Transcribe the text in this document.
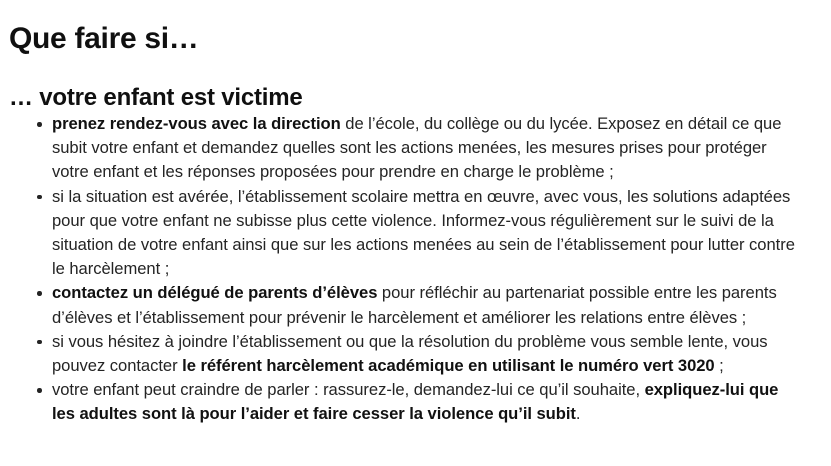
Que faire si…
… votre enfant est victime
prenez rendez-vous avec la direction de l’école, du collège ou du lycée. Exposez en détail ce que subit votre enfant et demandez quelles sont les actions menées, les mesures prises pour protéger votre enfant et les réponses proposées pour prendre en charge le problème ;
si la situation est avérée, l’établissement scolaire mettra en œuvre, avec vous, les solutions adaptées pour que votre enfant ne subisse plus cette violence. Informez-vous régulièrement sur le suivi de la situation de votre enfant ainsi que sur les actions menées au sein de l’établissement pour lutter contre le harcèlement ;
contactez un délégué de parents d’élèves pour réfléchir au partenariat possible entre les parents d’élèves et l’établissement pour prévenir le harcèlement et améliorer les relations entre élèves ;
si vous hésitez à joindre l’établissement ou que la résolution du problème vous semble lente, vous pouvez contacter le référent harcèlement académique en utilisant le numéro vert 3020 ;
votre enfant peut craindre de parler : rassurez-le, demandez-lui ce qu’il souhaite, expliquez-lui que les adultes sont là pour l’aider et faire cesser la violence qu’il subit.
